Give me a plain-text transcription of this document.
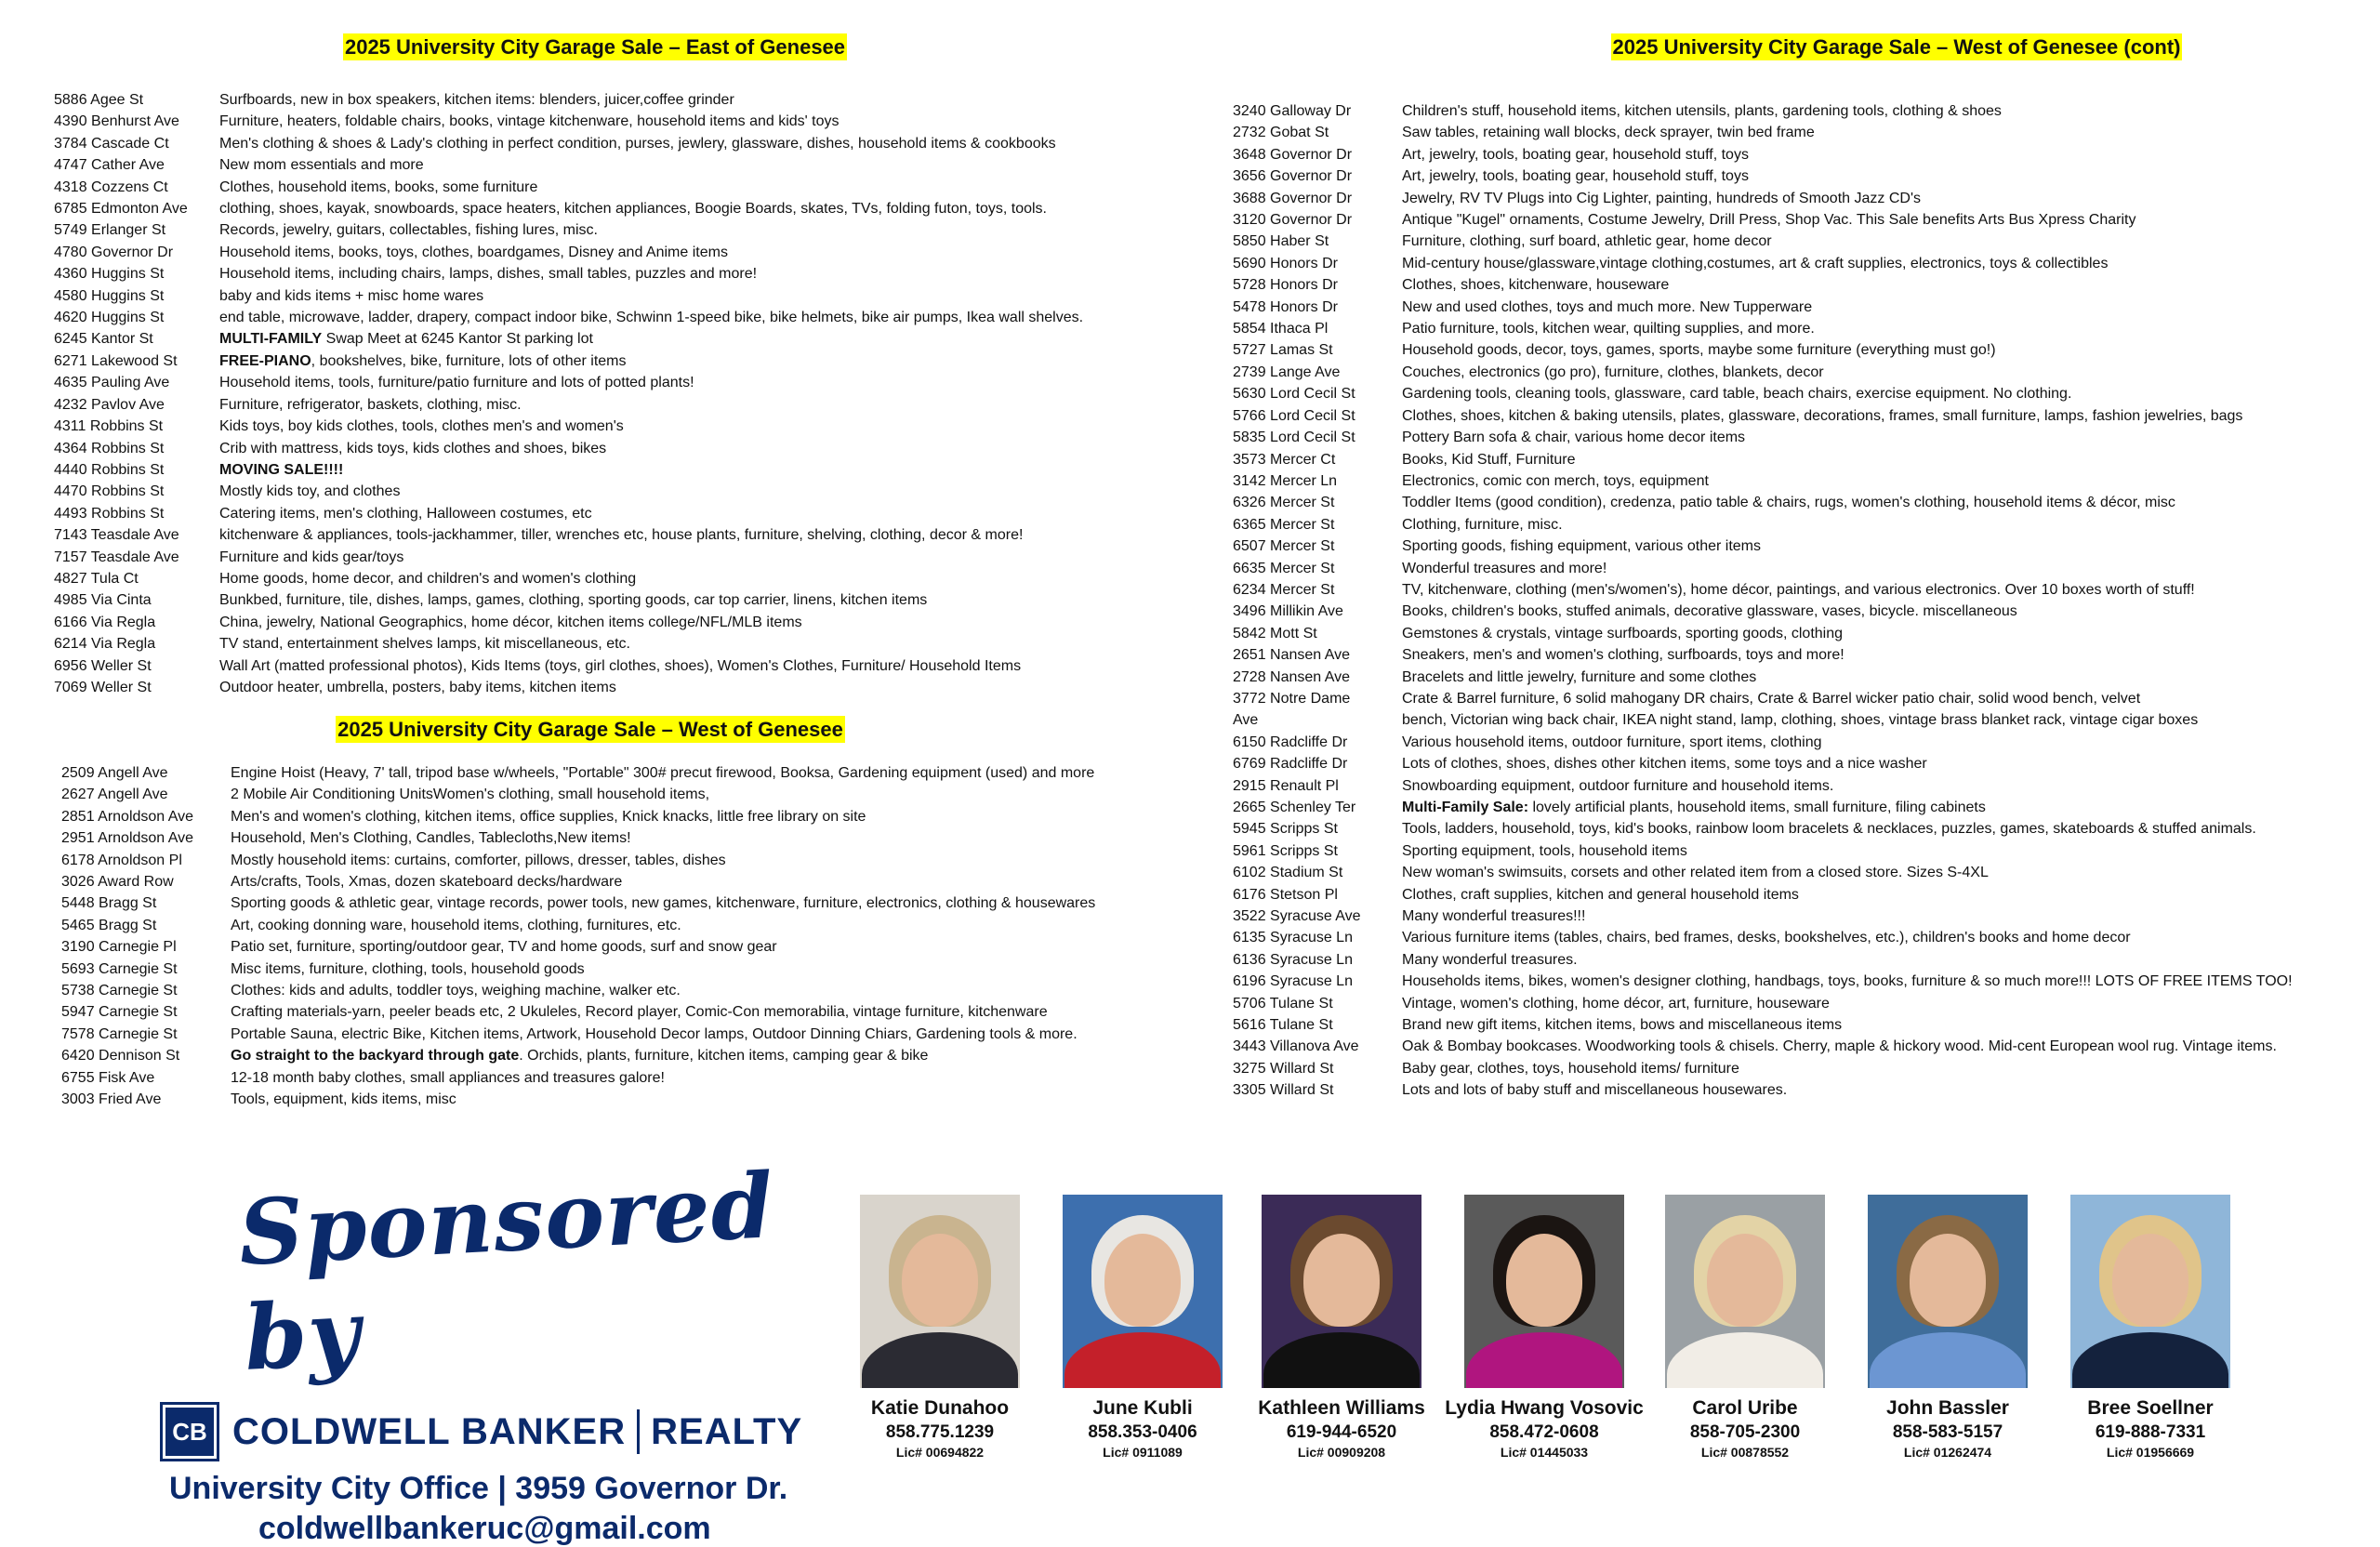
2025 University City Garage Sale – East of Genesee
2025 University City Garage Sale – West of Genesee
2025 University City Garage Sale – West of Genesee (cont)
5886 Agee St	Surfboards, new in box speakers, kitchen items: blenders, juicer,coffee grinder
4390 Benhurst Ave	Furniture, heaters, foldable chairs, books, vintage kitchenware, household items and kids' toys
3784 Cascade Ct	Men's clothing & shoes & Lady's clothing in perfect condition, purses, jewlery, glassware, dishes, household items & cookbooks
4747 Cather Ave	New mom essentials and more
4318 Cozzens Ct	Clothes, household items, books, some furniture
6785 Edmonton Ave	clothing, shoes, kayak, snowboards, space heaters, kitchen appliances, Boogie Boards, skates, TVs, folding futon, toys, tools.
5749 Erlanger St	Records, jewelry, guitars, collectables, fishing lures, misc.
4780 Governor Dr	Household items, books, toys, clothes, boardgames, Disney and Anime items
4360 Huggins St	Household items, including chairs, lamps, dishes, small tables, puzzles and more!
4580 Huggins St	baby and kids items + misc home wares
4620 Huggins St	end table, microwave, ladder, drapery, compact indoor bike, Schwinn 1-speed bike, bike helmets, bike air pumps, Ikea wall shelves.
6245 Kantor St	MULTI-FAMILY Swap Meet at 6245 Kantor St parking lot
6271 Lakewood St	FREE-PIANO, bookshelves, bike, furniture, lots of other items
4635 Pauling Ave	Household items, tools, furniture/patio furniture and lots of potted plants!
4232 Pavlov Ave	Furniture, refrigerator, baskets, clothing, misc.
4311 Robbins St	Kids toys, boy kids clothes, tools, clothes men's and women's
4364 Robbins St	Crib with mattress, kids toys, kids clothes and shoes, bikes
4440 Robbins St	MOVING SALE!!!!
4470 Robbins St	Mostly kids toy, and clothes
4493 Robbins St	Catering items, men's clothing, Halloween costumes, etc
7143 Teasdale Ave	kitchenware & appliances, tools-jackhammer, tiller, wrenches etc, house plants, furniture, shelving, clothing, decor & more!
7157 Teasdale Ave	Furniture and kids gear/toys
4827 Tula Ct	Home goods, home decor, and children's and women's clothing
4985 Via Cinta	Bunkbed, furniture, tile, dishes, lamps, games, clothing, sporting goods, car top carrier, linens, kitchen items
6166 Via Regla	China, jewelry, National Geographics, home décor, kitchen items college/NFL/MLB items
6214 Via Regla	TV stand, entertainment shelves lamps, kit miscellaneous, etc.
6956 Weller St	Wall Art (matted professional photos), Kids Items (toys, girl clothes, shoes), Women's Clothes, Furniture/ Household Items
7069 Weller St	Outdoor heater, umbrella, posters, baby items, kitchen items
2509 Angell Ave	Engine Hoist (Heavy, 7' tall, tripod base w/wheels, "Portable" 300# precut firewood, Booksa, Gardening equipment (used) and more
2627 Angell Ave	2 Mobile Air Conditioning UnitsWomen's clothing, small household items,
2851 Arnoldson Ave	Men's and women's clothing, kitchen items, office supplies, Knick knacks, little free library on site
2951 Arnoldson Ave	Household, Men's Clothing, Candles, Tablecloths,New items!
6178 Arnoldson Pl	Mostly household items: curtains, comforter, pillows, dresser, tables, dishes
3026 Award Row	Arts/crafts, Tools, Xmas, dozen skateboard decks/hardware
5448 Bragg St	Sporting goods & athletic gear, vintage records, power tools, new games, kitchenware, furniture, electronics, clothing & housewares
5465 Bragg St	Art, cooking donning ware, household items, clothing, furnitures, etc.
3190 Carnegie Pl	Patio set, furniture, sporting/outdoor gear, TV and home goods, surf and snow gear
5693 Carnegie St	Misc items, furniture, clothing, tools, household goods
5738 Carnegie St	Clothes: kids and adults, toddler toys, weighing machine, walker etc.
5947 Carnegie St	Crafting materials-yarn, peeler beads etc, 2 Ukuleles, Record player, Comic-Con memorabilia, vintage furniture, kitchenware
7578 Carnegie St	Portable Sauna, electric Bike, Kitchen items, Artwork, Household Decor lamps, Outdoor Dinning Chiars, Gardening tools & more.
6420 Dennison St	Go straight to the backyard through gate. Orchids, plants, furniture, kitchen items, camping gear & bike
6755 Fisk Ave	12-18 month baby clothes, small appliances and treasures galore!
3003 Fried Ave	Tools, equipment, kids items, misc
3240 Galloway Dr	Children's stuff, household items, kitchen utensils, plants, gardening tools, clothing & shoes
2732 Gobat St	Saw tables, retaining wall blocks, deck sprayer, twin bed frame
3648 Governor Dr	Art, jewelry, tools, boating gear, household stuff, toys
3656 Governor Dr	Art, jewelry, tools, boating gear, household stuff, toys
3688 Governor Dr	Jewelry, RV TV Plugs into Cig Lighter, painting, hundreds of Smooth Jazz CD's
3120 Governor Dr	Antique "Kugel" ornaments, Costume Jewelry, Drill Press, Shop Vac. This Sale benefits Arts Bus Xpress Charity
5850 Haber St	Furniture, clothing, surf board, athletic gear, home decor
5690 Honors Dr	Mid-century house/glassware,vintage clothing,costumes, art & craft supplies, electronics, toys & collectibles
5728 Honors Dr	Clothes, shoes, kitchenware, houseware
5478 Honors Dr	New and used clothes, toys and much more. New Tupperware
5854 Ithaca Pl	Patio furniture, tools, kitchen wear, quilting supplies, and more.
5727 Lamas St	Household goods, decor, toys, games, sports, maybe some furniture (everything must go!)
2739 Lange Ave	Couches, electronics (go pro), furniture, clothes, blankets, decor
5630 Lord Cecil St	Gardening tools, cleaning tools, glassware, card table, beach chairs, exercise equipment. No clothing.
5766 Lord Cecil St	Clothes, shoes, kitchen & baking utensils, plates, glassware, decorations, frames, small furniture, lamps, fashion jewelries, bags
5835 Lord Cecil St	Pottery Barn sofa & chair, various home decor items
3573 Mercer Ct	Books, Kid Stuff, Furniture
3142 Mercer Ln	Electronics, comic con merch, toys, equipment
6326 Mercer St	Toddler Items (good condition), credenza, patio table & chairs, rugs, women's clothing, household items & décor, misc
6365 Mercer St	Clothing, furniture, misc.
6507 Mercer St	Sporting goods, fishing equipment, various other items
6635 Mercer St	Wonderful treasures and more!
6234 Mercer St	TV, kitchenware, clothing (men's/women's), home décor, paintings, and various electronics. Over 10 boxes worth of stuff!
3496 Millikin Ave	Books, children's books, stuffed animals, decorative glassware, vases, bicycle. miscellaneous
5842 Mott St	Gemstones & crystals, vintage surfboards, sporting goods, clothing
2651 Nansen Ave	Sneakers, men's and women's clothing, surfboards, toys and more!
2728 Nansen Ave	Bracelets and little jewelry, furniture and some clothes
3772 Notre Dame	Crate & Barrel furniture, 6 solid mahogany DR chairs, Crate & Barrel wicker patio chair, solid wood bench, velvet
Ave	bench, Victorian wing back chair, IKEA night stand, lamp, clothing, shoes, vintage brass blanket rack, vintage cigar boxes
6150 Radcliffe Dr	Various household items, outdoor furniture, sport items, clothing
6769 Radcliffe Dr	Lots of clothes, shoes, dishes other kitchen items, some toys and a nice washer
2915 Renault Pl	Snowboarding equipment, outdoor furniture and household items.
2665 Schenley Ter	Multi-Family Sale: lovely artificial plants, household items, small furniture, filing cabinets
5945 Scripps St	Tools, ladders, household, toys, kid's books, rainbow loom bracelets & necklaces, puzzles, games, skateboards & stuffed animals.
5961 Scripps St	Sporting equipment, tools, household items
6102 Stadium St	New woman's swimsuits, corsets and other related item from a closed store. Sizes S-4XL
6176 Stetson Pl	Clothes, craft supplies, kitchen and general household items
3522 Syracuse Ave	Many wonderful treasures!!!
6135 Syracuse Ln	Various furniture items (tables, chairs, bed frames, desks, bookshelves, etc.), children's books and home decor
6136 Syracuse Ln	Many wonderful treasures.
6196 Syracuse Ln	Households items, bikes, women's designer clothing, handbags, toys, books, furniture & so much more!!! LOTS OF FREE ITEMS TOO!
5706 Tulane St	Vintage, women's clothing, home décor, art, furniture, houseware
5616 Tulane St	Brand new gift items, kitchen items, bows and miscellaneous items
3443 Villanova Ave	Oak & Bombay bookcases. Woodworking tools & chisels. Cherry, maple & hickory wood. Mid-cent European wool rug. Vintage items.
3275 Willard St	Baby gear, clothes, toys, household items/ furniture
3305 Willard St	Lots and lots of baby stuff and miscellaneous housewares.
Sponsored by
CB COLDWELL BANKER REALTY
University City Office | 3959 Governor Dr.
coldwellbankeruc@gmail.com
Katie Dunahoo
858.775.1239
Lic# 00694822
June Kubli
858.353-0406
Lic# 0911089
Kathleen Williams
619-944-6520
Lic# 00909208
Lydia Hwang Vosovic
858.472-0608
Lic# 01445033
Carol Uribe
858-705-2300
Lic# 00878552
John Bassler
858-583-5157
Lic# 01262474
Bree Soellner
619-888-7331
Lic# 01956669
